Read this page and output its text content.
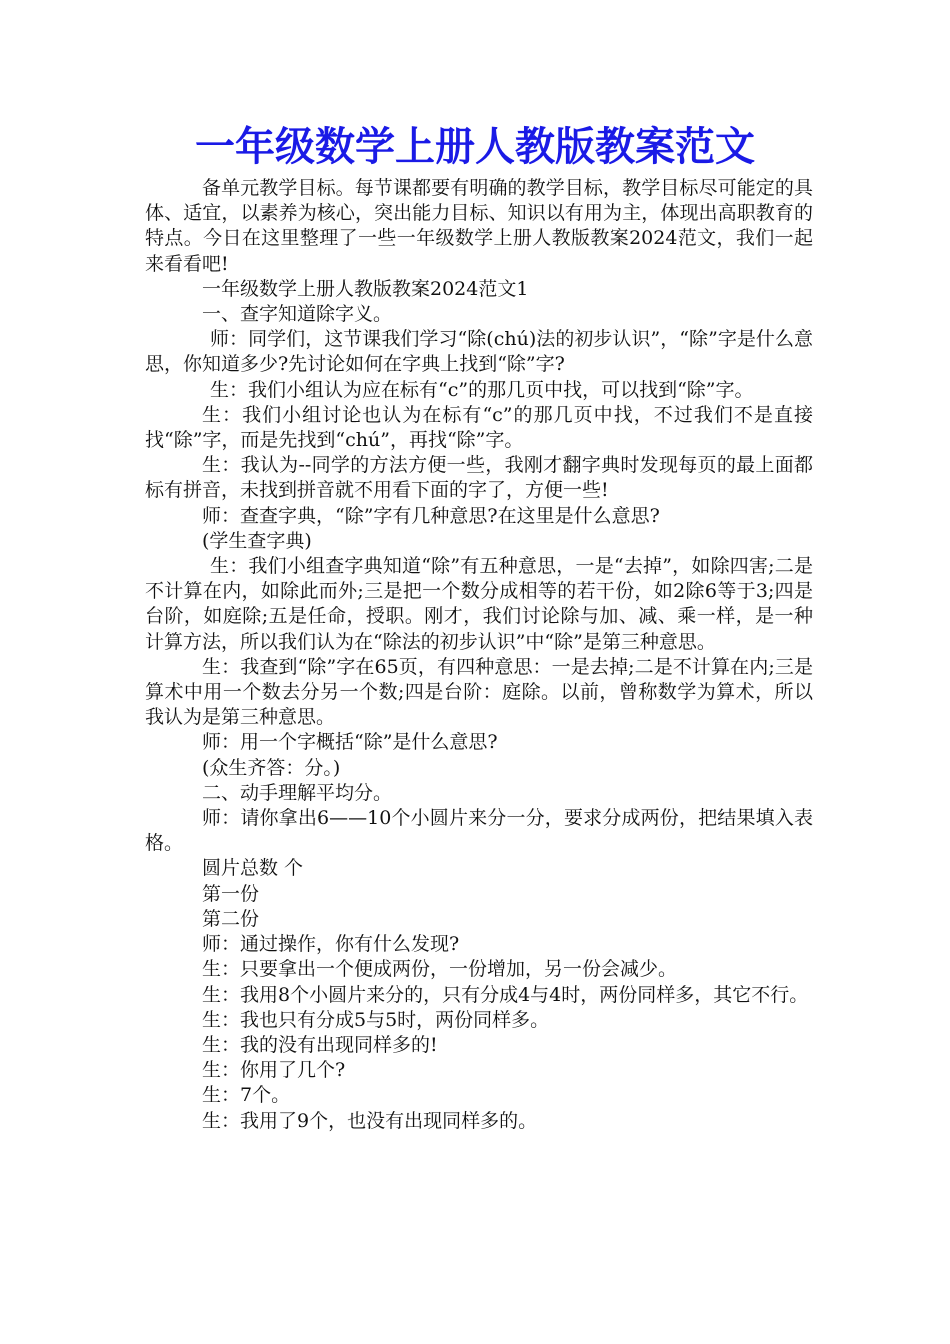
一年级数学上册人教版教案范文

备单元教学目标。每节课都要有明确的教学目标，教学目标尽可能定的具体、适宜，以素养为核心，突出能力目标、知识以有用为主，体现出高职教育的特点。今日在这里整理了一些一年级数学上册人教版教案2024范文，我们一起来看看吧!

一年级数学上册人教版教案2024范文1

一、查字知道除字义。

师：同学们，这节课我们学习“除(chú)法的初步认识”，“除”字是什么意思，你知道多少?先讨论如何在字典上找到“除”字?

生：我们小组认为应在标有“c”的那几页中找，可以找到“除”字。

生：我们小组讨论也认为在标有“c”的那几页中找，不过我们不是直接找“除”字，而是先找到“chú”，再找“除”字。

生：我认为--同学的方法方便一些，我刚才翻字典时发现每页的最上面都标有拼音，未找到拼音就不用看下面的字了，方便一些!

师：查查字典，“除”字有几种意思?在这里是什么意思?

(学生查字典)

生：我们小组查字典知道“除”有五种意思，一是“去掉”，如除四害;二是不计算在内，如除此而外;三是把一个数分成相等的若干份，如2除6等于3;四是台阶，如庭除;五是任命，授职。刚才，我们讨论除与加、减、乘一样，是一种计算方法，所以我们认为在“除法的初步认识”中“除”是第三种意思。

生：我查到“除”字在65页，有四种意思：一是去掉;二是不计算在内;三是算术中用一个数去分另一个数;四是台阶：庭除。以前，曾称数学为算术，所以我认为是第三种意思。

师：用一个字概括“除”是什么意思?

(众生齐答：分。)

二、动手理解平均分。

师：请你拿出6——10个小圆片来分一分，要求分成两份，把结果填入表格。

圆片总数 个

第一份

第二份

师：通过操作，你有什么发现?

生：只要拿出一个便成两份，一份增加，另一份会减少。

生：我用8个小圆片来分的，只有分成4与4时，两份同样多，其它不行。

生：我也只有分成5与5时，两份同样多。

生：我的没有出现同样多的!

生：你用了几个?

生：7个。

生：我用了9个，也没有出现同样多的。
